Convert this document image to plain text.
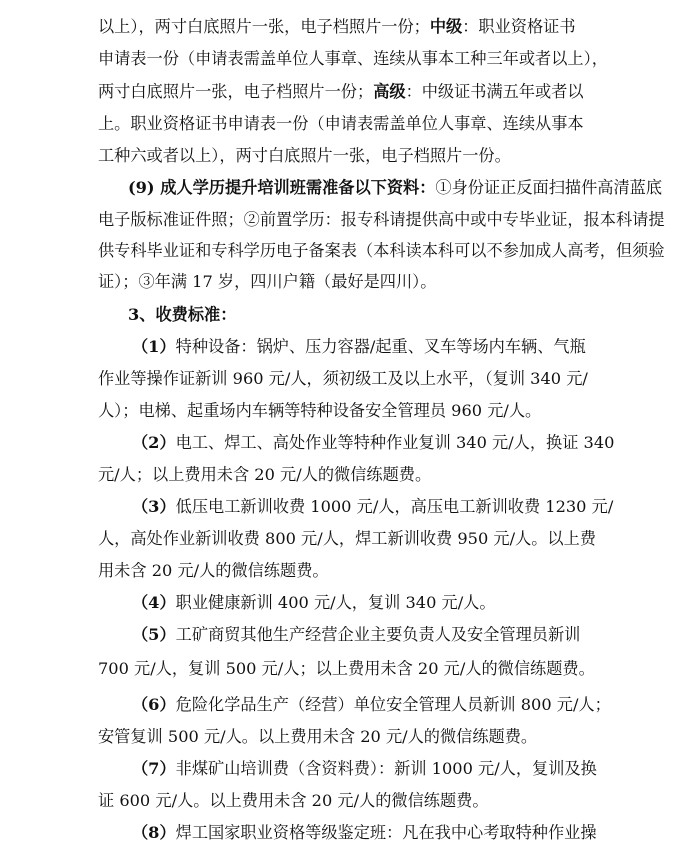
以上），两寸白底照片一张，电子档照片一份；中级：职业资格证书
申请表一份（申请表需盖单位人事章、连续从事本工种三年或者以上），
两寸白底照片一张，电子档照片一份；高级：中级证书满五年或者以
上。职业资格证书申请表一份（申请表需盖单位人事章、连续从事本
工种六或者以上），两寸白底照片一张，电子档照片一份。
(9) 成人学历提升培训班需准备以下资料：①身份证正反面扫描件高清蓝底
电子版标准证件照；②前置学历：报专科请提供高中或中专毕业证，报本科请提
供专科毕业证和专科学历电子备案表（本科读本科可以不参加成人高考，但须验
证）；③年满 17 岁，四川户籍（最好是四川）。
3、收费标准：
（1）特种设备：锅炉、压力容器/起重、叉车等场内车辆、气瓶
作业等操作证新训 960 元/人，须初级工及以上水平，（复训 340 元/
人）；电梯、起重场内车辆等特种设备安全管理员 960 元/人。
（2）电工、焊工、高处作业等特种作业复训 340 元/人，换证 340
元/人；以上费用未含 20 元/人的微信练题费。
（3）低压电工新训收费 1000 元/人，高压电工新训收费 1230 元/
人，高处作业新训收费 800 元/人，焊工新训收费 950 元/人。以上费
用未含 20 元/人的微信练题费。
（4）职业健康新训 400 元/人，复训 340 元/人。
（5）工矿商贸其他生产经营企业主要负责人及安全管理员新训
700 元/人，复训 500 元/人；以上费用未含 20 元/人的微信练题费。
（6）危险化学品生产（经营）单位安全管理人员新训 800 元/人；
安管复训 500 元/人。以上费用未含 20 元/人的微信练题费。
（7）非煤矿山培训费（含资料费）：新训 1000 元/人，复训及换
证 600 元/人。以上费用未含 20 元/人的微信练题费。
（8）焊工国家职业资格等级鉴定班：凡在我中心考取特种作业操
